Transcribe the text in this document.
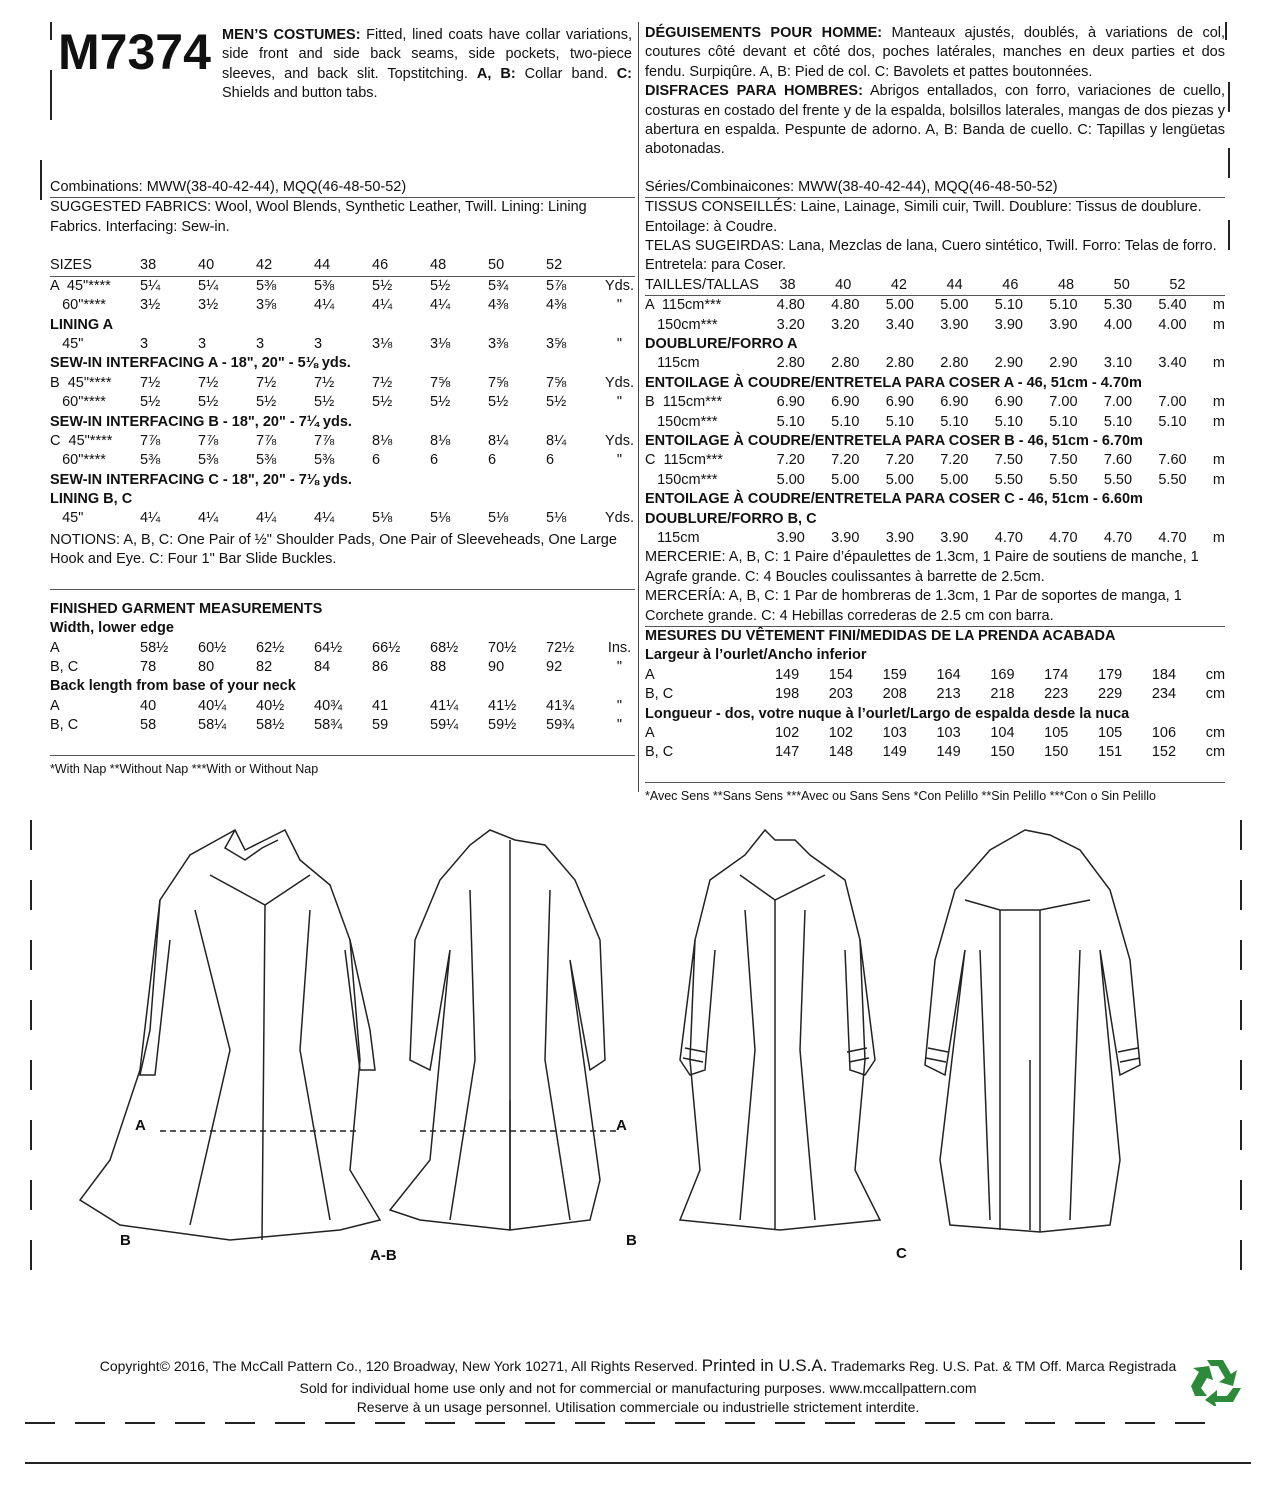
M7374 MEN’S COSTUMES: Fitted, lined coats have collar variations, side front and side back seams, side pockets, two-piece sleeves, and back slit. Topstitching. A, B: Collar band. C: Shields and button tabs.
Combinations: MWW(38-40-42-44), MQQ(46-48-50-52)
SUGGESTED FABRICS: Wool, Wool Blends, Synthetic Leather, Twill. Lining: Lining Fabrics. Interfacing: Sew-in.
SIZES	38	40	42	44	46	48	50	52
A  45"****	5¼	5¼	5⅜	5⅜	5½	5½	5¾	5⅞	Yds.
60"****	3½	3½	3⅝	4¼	4¼	4¼	4⅜	4⅜	"
LINING A
45"	3	3	3	3	3⅛	3⅛	3⅜	3⅝	"
SEW-IN INTERFACING A - 18", 20" - 5⅛ yds.
B  45"****	7½	7½	7½	7½	7½	7⅝	7⅝	7⅝	Yds.
60"****	5½	5½	5½	5½	5½	5½	5½	5½	"
SEW-IN INTERFACING B - 18", 20" - 7¼ yds.
C  45"****	7⅞	7⅞	7⅞	7⅞	8⅛	8⅛	8¼	8¼	Yds.
60"****	5⅜	5⅜	5⅜	5⅜	6	6	6	6	"
SEW-IN INTERFACING C - 18", 20" - 7⅛ yds.
LINING B, C
45"	4¼	4¼	4¼	4¼	5⅛	5⅛	5⅛	5⅛	Yds.
NOTIONS: A, B, C: One Pair of ½" Shoulder Pads, One Pair of Sleeveheads, One Large Hook and Eye. C: Four 1" Bar Slide Buckles.
FINISHED GARMENT MEASUREMENTS
Width, lower edge
A	58½	60½	62½	64½	66½	68½	70½	72½	Ins.
B, C	78	80	82	84	86	88	90	92	"
Back length from base of your neck
A	40	40¼	40½	40¾	41	41¼	41½	41¾	"
B, C	58	58¼	58½	58¾	59	59¼	59½	59¾	"
*With Nap **Without Nap ***With or Without Nap
DÉGUISEMENTS POUR HOMME: Manteaux ajustés, doublés, à variations de col, coutures côté devant et côté dos, poches latérales, manches en deux parties et dos fendu. Surpiqûre. A, B: Pied de col. C: Bavolets et pattes boutonnées.
DISFRACES PARA HOMBRES: Abrigos entallados, con forro, variaciones de cuello, costuras en costado del frente y de la espalda, bolsillos laterales, mangas de dos piezas y abertura en espalda. Pespunte de adorno. A, B: Banda de cuello. C: Tapillas y lengüetas abotonadas.
Séries/Combinaicones: MWW(38-40-42-44), MQQ(46-48-50-52)
TISSUS CONSEILLÉS: Laine, Lainage, Simili cuir, Twill. Doublure: Tissus de doublure. Entoilage: à Coudre.
TELAS SUGEIRDAS: Lana, Mezclas de lana, Cuero sintético, Twill. Forro: Telas de forro. Entretela: para Coser.
TAILLES/TALLAS	38	40	42	44	46	48	50	52
A  115cm***	4.80	4.80	5.00	5.00	5.10	5.10	5.30	5.40	m
150cm***	3.20	3.20	3.40	3.90	3.90	3.90	4.00	4.00	m
DOUBLURE/FORRO A
115cm	2.80	2.80	2.80	2.80	2.90	2.90	3.10	3.40	m
ENTOILAGE À COUDRE/ENTRETELA PARA COSER A - 46, 51cm - 4.70m
B  115cm***	6.90	6.90	6.90	6.90	6.90	7.00	7.00	7.00	m
150cm***	5.10	5.10	5.10	5.10	5.10	5.10	5.10	5.10	m
ENTOILAGE À COUDRE/ENTRETELA PARA COSER B - 46, 51cm - 6.70m
C  115cm***	7.20	7.20	7.20	7.20	7.50	7.50	7.60	7.60	m
150cm***	5.00	5.00	5.00	5.00	5.50	5.50	5.50	5.50	m
ENTOILAGE À COUDRE/ENTRETELA PARA COSER C - 46, 51cm - 6.60m
DOUBLURE/FORRO B, C
115cm	3.90	3.90	3.90	3.90	4.70	4.70	4.70	4.70	m
MERCERIE: A, B, C: 1 Paire d’épaulettes de 1.3cm, 1 Paire de soutiens de manche, 1 Agrafe grande. C: 4 Boucles coulissantes à barrette de 2.5cm.
MERCERÍA: A, B, C: 1 Par de hombreras de 1.3cm, 1 Par de soportes de manga, 1 Corchete grande. C: 4 Hebillas correderas de 2.5 cm con barra.
MESURES DU VÊTEMENT FINI/MEDIDAS DE LA PRENDA ACABADA
Largeur à l’ourlet/Ancho inferior
A	149	154	159	164	169	174	179	184	cm
B, C	198	203	208	213	218	223	229	234	cm
Longueur - dos, votre nuque à l’ourlet/Largo de espalda desde la nuca
A	102	102	103	103	104	105	105	106	cm
B, C	147	148	149	149	150	150	151	152	cm
*Avec Sens **Sans Sens ***Avec ou Sans Sens *Con Pelillo **Sin Pelillo ***Con o Sin Pelillo
A
B
A-B
A
B
C
Copyright© 2016, The McCall Pattern Co., 120 Broadway, New York 10271, All Rights Reserved. Printed in U.S.A. Trademarks Reg. U.S. Pat. & TM Off. Marca Registrada
Sold for individual home use only and not for commercial or manufacturing purposes. www.mccallpattern.com
Reserve à un usage personnel. Utilisation commerciale ou industrielle strictement interdite.
